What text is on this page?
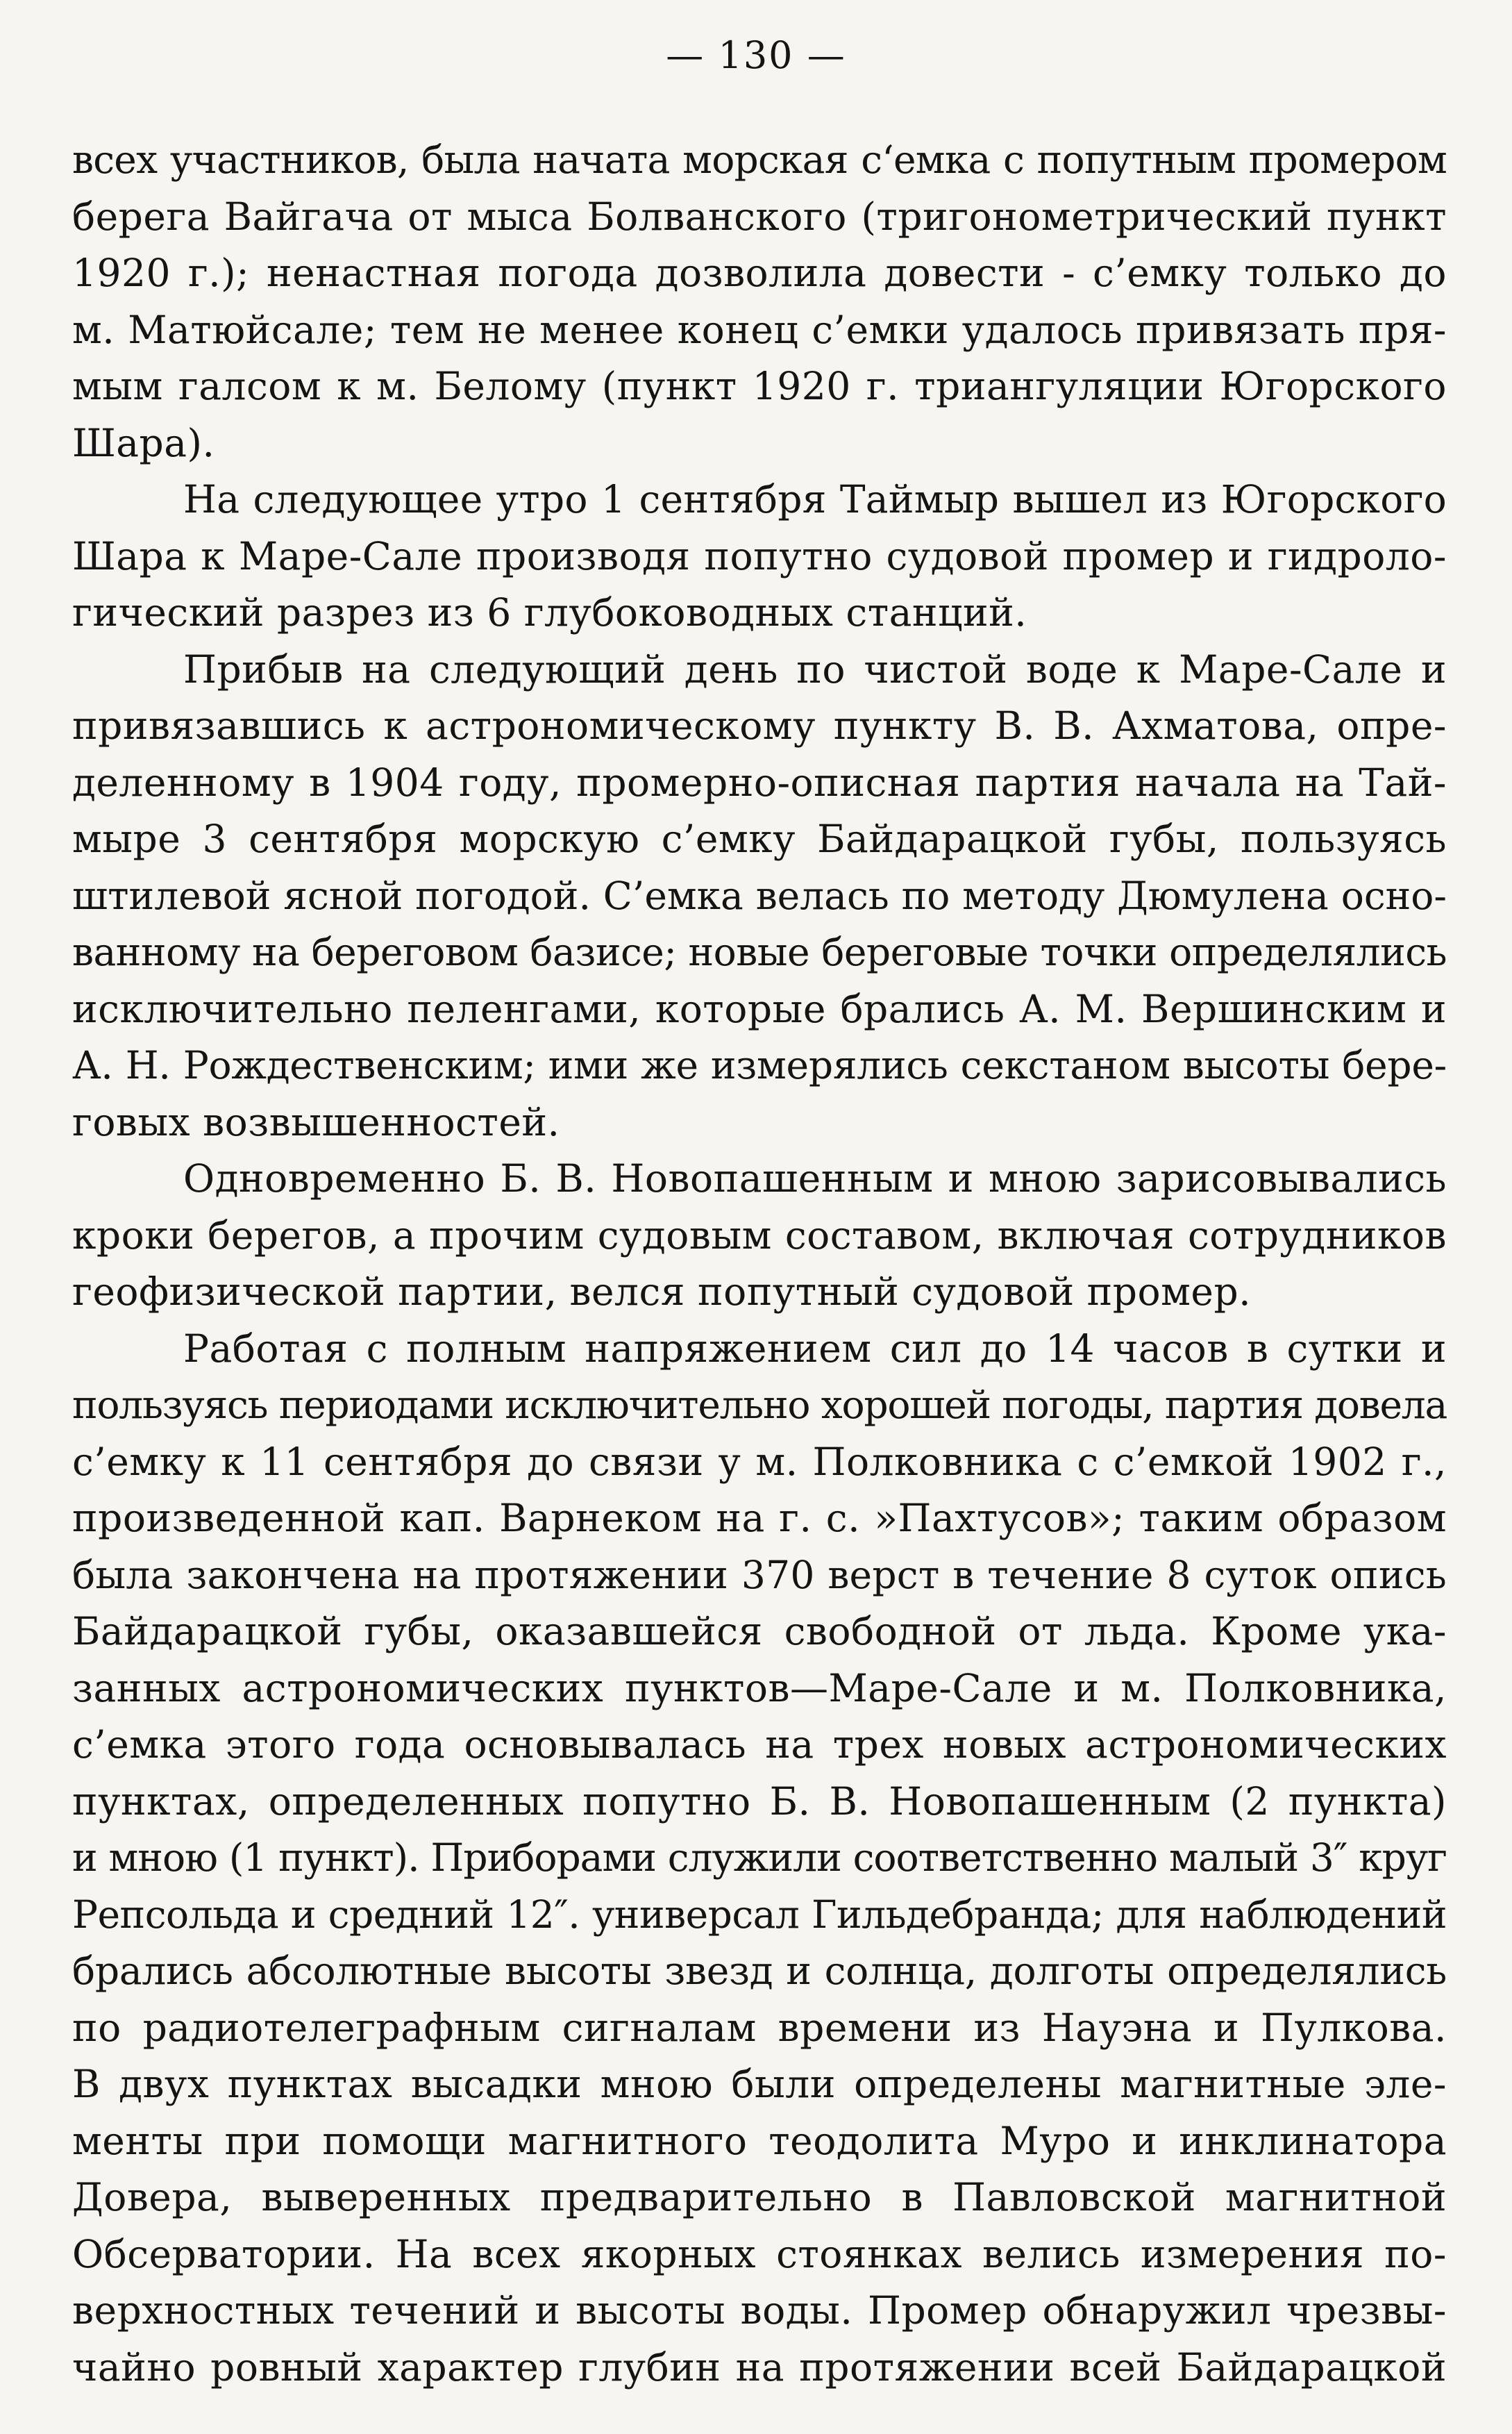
— 130 —
всех участников, была начата морская с‘емка с попутным промером
берега Вайгача от мыса Болванского (тригонометрический пункт
1920 г.); ненастная погода дозволила довести - с’емку только до
м. Матюйсале; тем не менее конец с’емки удалось привязать пря-
мым галсом к м. Белому (пункт 1920 г. триангуляции Югорского
Шара).
На следующее утро 1 сентября Таймыр вышел из Югорского
Шара к Маре-Сале производя попутно судовой промер и гидроло-
гический разрез из 6 глубоководных станций.
Прибыв на следующий день по чистой воде к Маре-Сале и
привязавшись к астрономическому пункту В. В. Ахматова, опре-
деленному в 1904 году, промерно-описная партия начала на Тай-
мыре 3 сентября морскую с’емку Байдарацкой губы, пользуясь
штилевой ясной погодой. С’емка велась по методу Дюмулена осно-
ванному на береговом базисе; новые береговые точки определялись
исключительно пеленгами, которые брались А. М. Вершинским и
А. Н. Рождественским; ими же измерялись секстаном высоты бере-
говых возвышенностей.
Одновременно Б. В. Новопашенным и мною зарисовывались
кроки берегов, а прочим судовым составом, включая сотрудников
геофизической партии, велся попутный судовой промер.
Работая с полным напряжением сил до 14 часов в сутки и
пользуясь периодами исключительно хорошей погоды, партия довела
с’емку к 11 сентября до связи у м. Полковника с с’емкой 1902 г.,
произведенной кап. Варнеком на г. с. »Пахтусов»; таким образом
была закончена на протяжении 370 верст в течение 8 суток опись
Байдарацкой губы, оказавшейся свободной от льда. Кроме ука-
занных астрономических пунктов—Маре-Сале и м. Полковника,
с’емка этого года основывалась на трех новых астрономических
пунктах, определенных попутно Б. В. Новопашенным (2 пункта)
и мною (1 пункт). Приборами служили соответственно малый 3″ круг
Репсольда и средний 12″. универсал Гильдебранда; для наблюдений
брались абсолютные высоты звезд и солнца, долготы определялись
по радиотелеграфным сигналам времени из Науэна и Пулкова.
В двух пунктах высадки мною были определены магнитные эле-
менты при помощи магнитного теодолита Муро и инклинатора
Довера, выверенных предварительно в Павловской магнитной
Обсерватории. На всех якорных стоянках велись измерения по-
верхностных течений и высоты воды. Промер обнаружил чрезвы-
чайно ровный характер глубин на протяжении всей Байдарацкой
